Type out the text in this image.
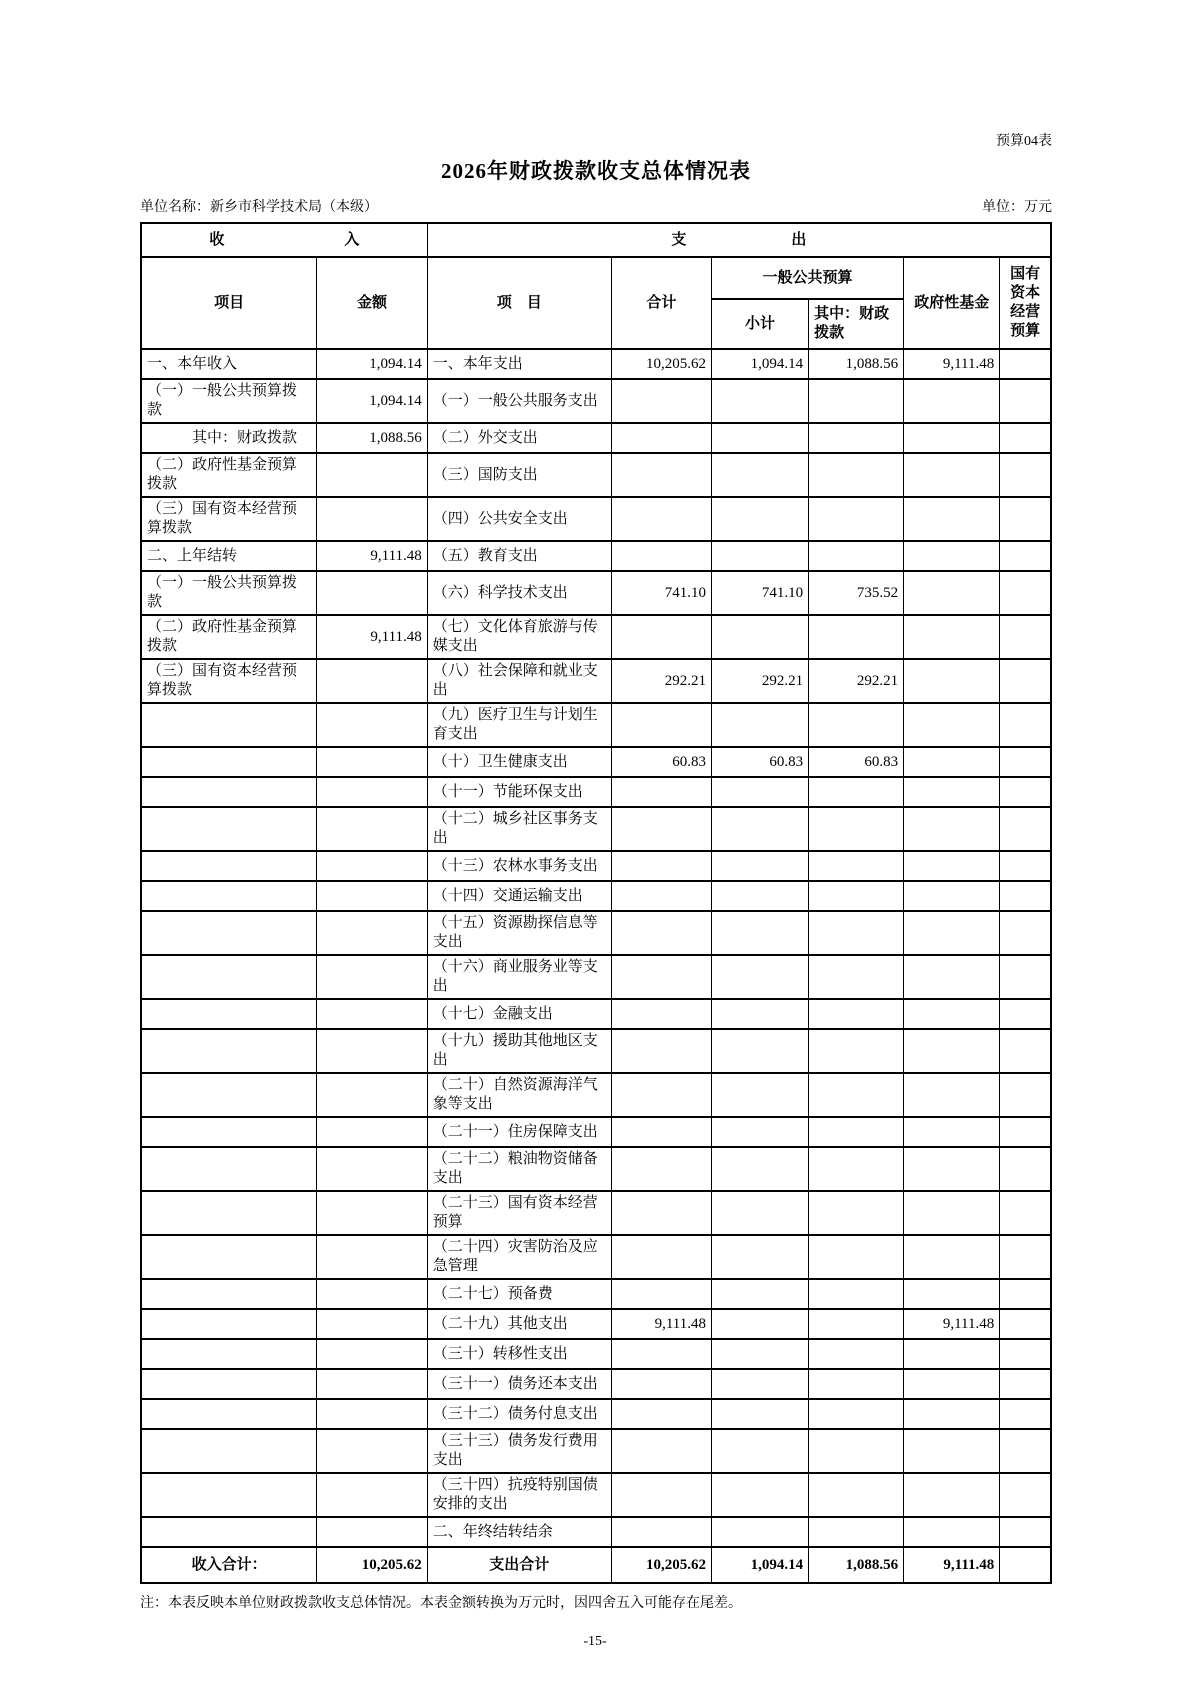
预算04表
2026年财政拨款收支总体情况表
单位名称：新乡市科学技术局（本级）	单位：万元
收　　　　　　　　入		支　　　　　　　出					
项目	金额	项　目	合计	一般公共预算		政府性基金	国有资本经营预算
				小计	其中：财政拨款		
一、本年收入	1,094.14	一、本年支出	10,205.62	1,094.14	1,088.56	9,111.48	
（一）一般公共预算拨款	1,094.14	（一）一般公共服务支出					
　　　其中：财政拨款	1,088.56	（二）外交支出					
（二）政府性基金预算拨款		（三）国防支出					
（三）国有资本经营预算拨款		（四）公共安全支出					
二、上年结转	9,111.48	（五）教育支出					
（一）一般公共预算拨款		（六）科学技术支出	741.10	741.10	735.52		
（二）政府性基金预算拨款	9,111.48	（七）文化体育旅游与传媒支出					
（三）国有资本经营预算拨款		（八）社会保障和就业支出	292.21	292.21	292.21		
		（九）医疗卫生与计划生育支出					
		（十）卫生健康支出	60.83	60.83	60.83		
		（十一）节能环保支出					
		（十二）城乡社区事务支出					
		（十三）农林水事务支出					
		（十四）交通运输支出					
		（十五）资源勘探信息等支出					
		（十六）商业服务业等支出					
		（十七）金融支出					
		（十九）援助其他地区支出					
		（二十）自然资源海洋气象等支出					
		（二十一）住房保障支出					
		（二十二）粮油物资储备支出					
		（二十三）国有资本经营预算					
		（二十四）灾害防治及应急管理					
		（二十七）预备费					
		（二十九）其他支出	9,111.48			9,111.48	
		（三十）转移性支出					
		（三十一）债务还本支出					
		（三十二）债务付息支出					
		（三十三）债务发行费用支出					
		（三十四）抗疫特别国债安排的支出					
		二、年终结转结余					
收入合计：	10,205.62	支出合计	10,205.62	1,094.14	1,088.56	9,111.48	
注：本表反映本单位财政拨款收支总体情况。本表金额转换为万元时，因四舍五入可能存在尾差。
-15-
